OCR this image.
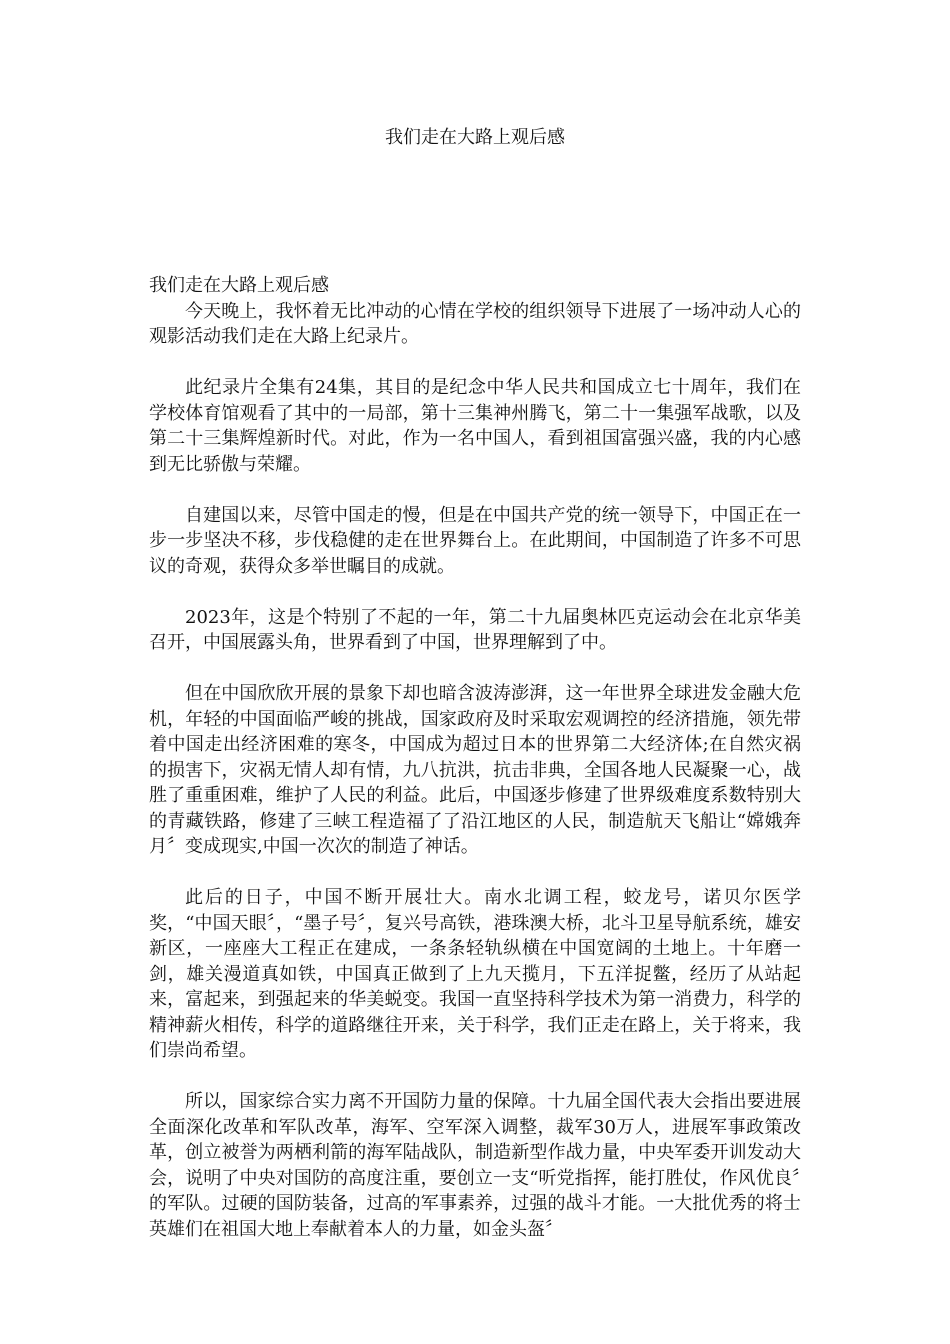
我们走在大路上观后感

我们走在大路上观后感

今天晚上，我怀着无比冲动的心情在学校的组织领导下进展了一场冲动人心的观影活动我们走在大路上纪录片。

此纪录片全集有24集，其目的是纪念中华人民共和国成立七十周年，我们在学校体育馆观看了其中的一局部，第十三集神州腾飞，第二十一集强军战歌，以及第二十三集辉煌新时代。对此，作为一名中国人，看到祖国富强兴盛，我的内心感到无比骄傲与荣耀。

自建国以来，尽管中国走的慢，但是在中国共产党的统一领导下，中国正在一步一步坚决不移，步伐稳健的走在世界舞台上。在此期间，中国制造了许多不可思议的奇观，获得众多举世瞩目的成就。

2023年，这是个特别了不起的一年，第二十九届奥林匹克运动会在北京华美召开，中国展露头角，世界看到了中国，世界理解到了中。

但在中国欣欣开展的景象下却也暗含波涛澎湃，这一年世界全球进发金融大危机，年轻的中国面临严峻的挑战，国家政府及时采取宏观调控的经济措施，领先带着中国走出经济困难的寒冬，中国成为超过日本的世界第二大经济体;在自然灾祸的损害下，灾祸无情人却有情，九八抗洪，抗击非典，全国各地人民凝聚一心，战胜了重重困难，维护了人民的利益。此后，中国逐步修建了世界级难度系数特别大的青藏铁路，修建了三峡工程造福了了沿江地区的人民，制造航天飞船让“嫦娥奔月〞变成现实,中国一次次的制造了神话。

此后的日子，中国不断开展壮大。南水北调工程，蛟龙号，诺贝尔医学奖，“中国天眼〞，“墨子号〞，复兴号高铁，港珠澳大桥，北斗卫星导航系统，雄安新区，一座座大工程正在建成，一条条轻轨纵横在中国宽阔的土地上。十年磨一剑，雄关漫道真如铁，中国真正做到了上九天揽月，下五洋捉鳖，经历了从站起来，富起来，到强起来的华美蜕变。我国一直坚持科学技术为第一消费力，科学的精神薪火相传，科学的道路继往开来，关于科学，我们正走在路上，关于将来，我们崇尚希望。

所以，国家综合实力离不开国防力量的保障。十九届全国代表大会指出要进展全面深化改革和军队改革，海军、空军深入调整，裁军30万人，进展军事政策改革，创立被誉为两栖利箭的海军陆战队，制造新型作战力量，中央军委开训发动大会，说明了中央对国防的高度注重，要创立一支“听党指挥，能打胜仗，作风优良〞的军队。过硬的国防装备，过高的军事素养，过强的战斗才能。一大批优秀的将士英雄们在祖国大地上奉献着本人的力量，如金头盔〞
